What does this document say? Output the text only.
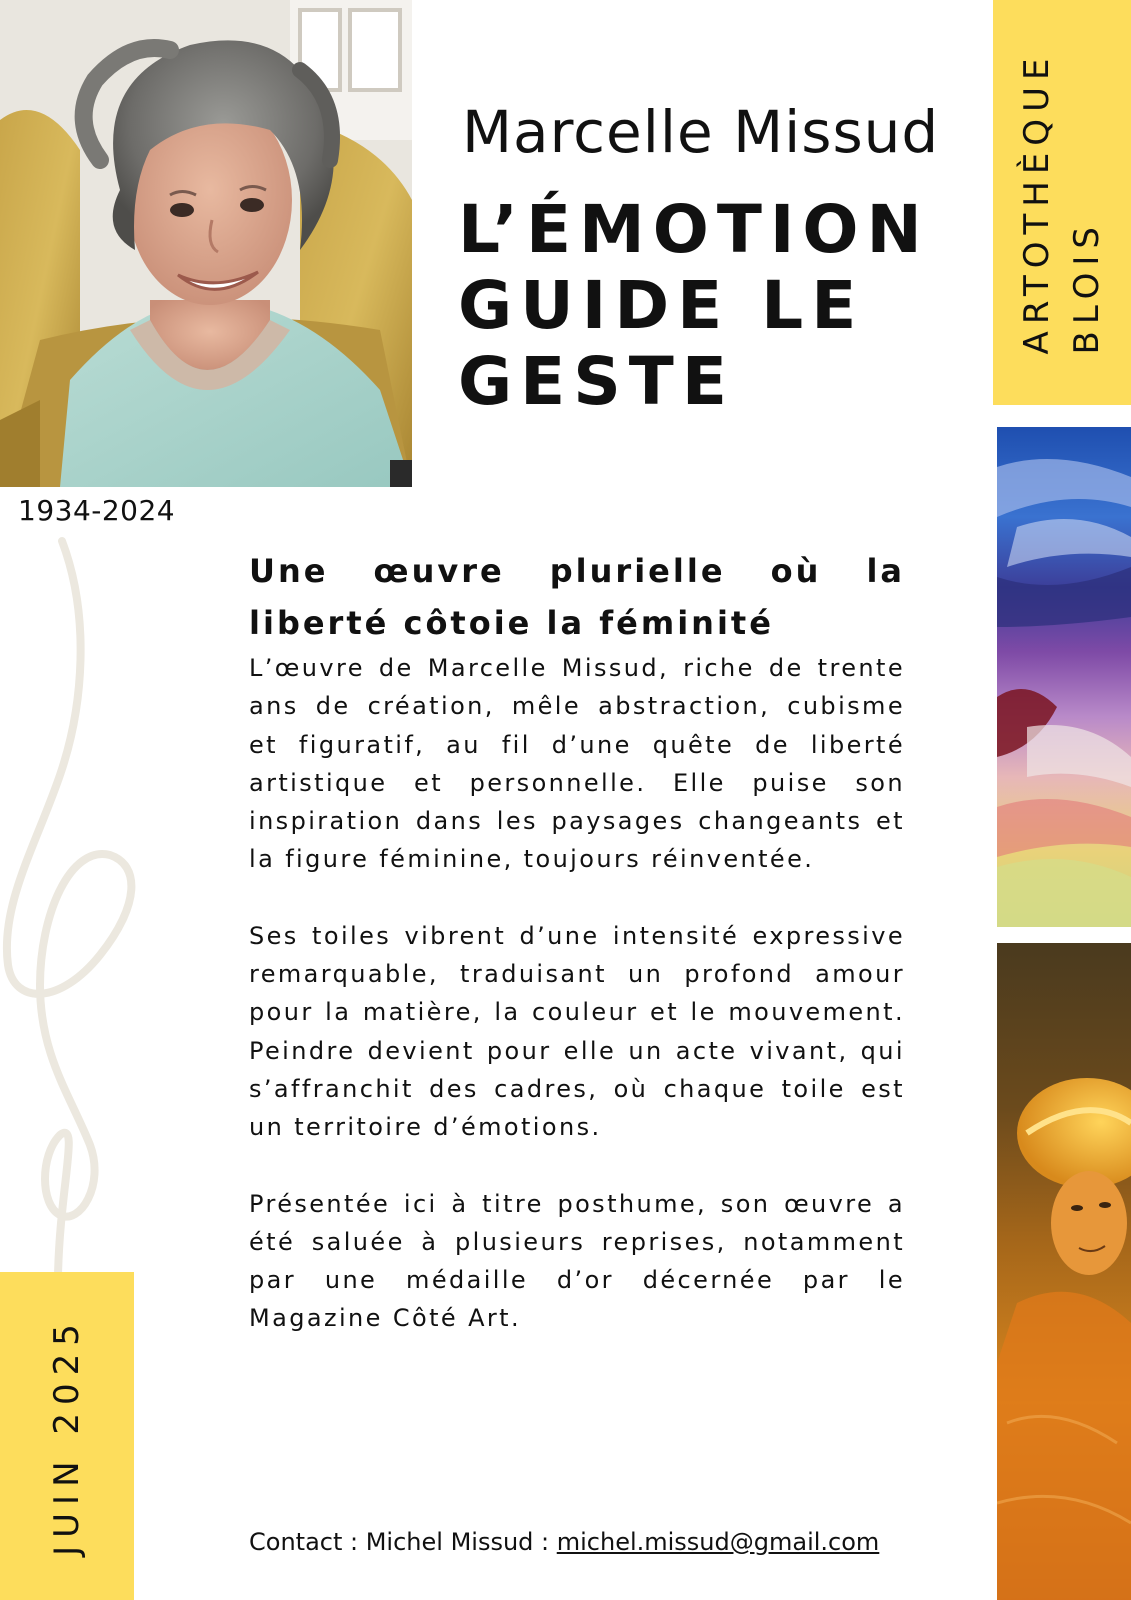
1934-2024
Marcelle Missud
L’ÉMOTION
GUIDE LE
GESTE
ARTOTHÈQUE
BLOIS
JUIN 2025
Une œuvre plurielle où la liberté côtoie la féminité

L’œuvre de Marcelle Missud, riche de trente ans de création, mêle abstraction, cubisme et figuratif, au fil d’une quête de liberté artistique et personnelle. Elle puise son inspiration dans les paysages changeants et la figure féminine, toujours réinventée.

Ses toiles vibrent d’une intensité expressive remarquable, traduisant un profond amour pour la matière, la couleur et le mouvement. Peindre devient pour elle un acte vivant, qui s’affranchit des cadres, où chaque toile est un territoire d’émotions.

Présentée ici à titre posthume, son œuvre a été saluée à plusieurs reprises, notamment par une médaille d’or décernée par le Magazine Côté Art.

Contact : Michel Missud : michel.missud@gmail.com
